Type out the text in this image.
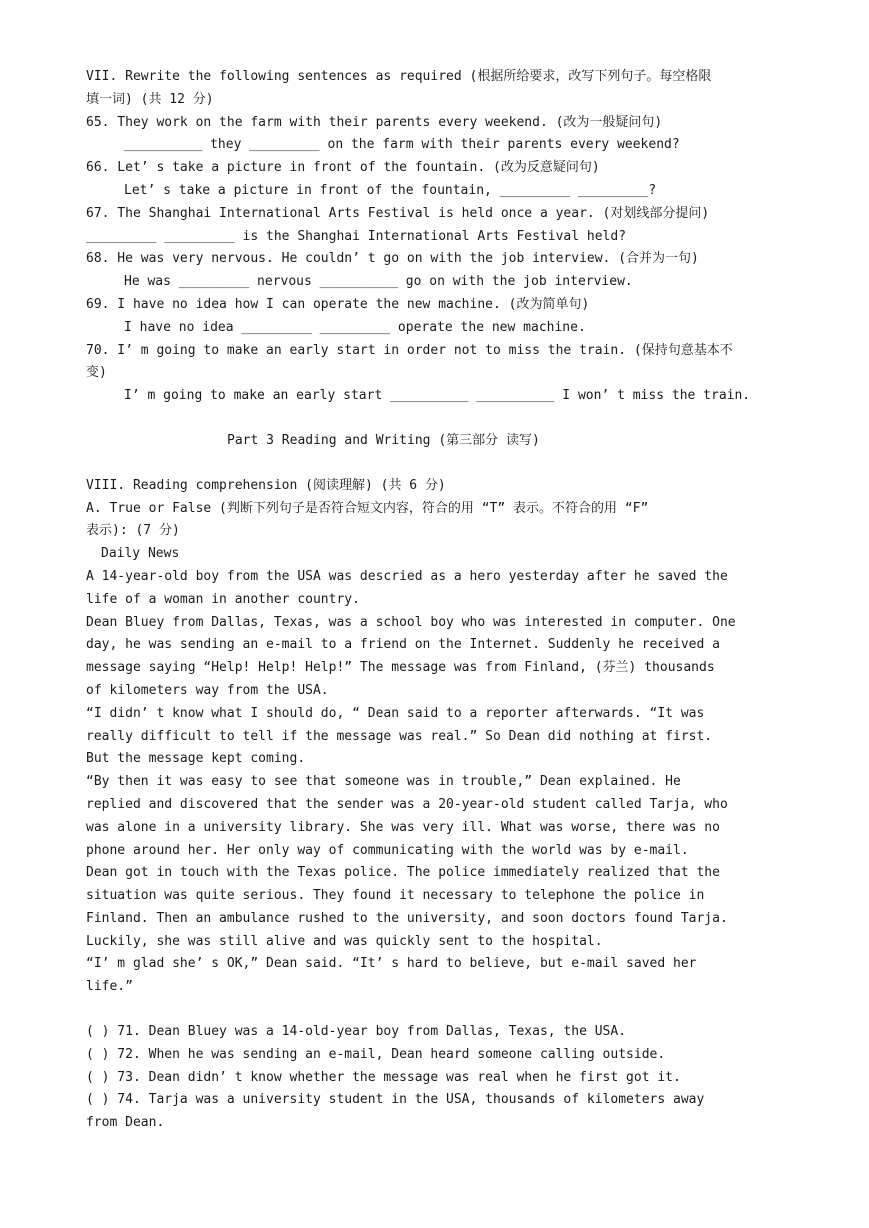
VII. Rewrite the following sentences as required (根据所给要求，改写下列句子。每空格限

填一词) (共 12 分)

65. They work on the farm with their parents every weekend. (改为一般疑问句)

__________ they _________ on the farm with their parents every weekend?

66. Let’ s take a picture in front of the fountain. (改为反意疑问句)

Let’ s take a picture in front of the fountain, _________ _________?

67. The Shanghai International Arts Festival is held once a year. (对划线部分提问)

_________ _________ is the Shanghai International Arts Festival held?

68. He was very nervous. He couldn’ t go on with the job interview. (合并为一句)

He was _________ nervous __________ go on with the job interview.

69. I have no idea how I can operate the new machine. (改为简单句)

I have no idea _________ _________ operate the new machine.

70. I’ m going to make an early start in order not to miss the train. (保持句意基本不

变)

I’ m going to make an early start __________ __________ I won’ t miss the train.

Part 3 Reading and Writing (第三部分 读写)

VIII. Reading comprehension (阅读理解) (共 6 分)

A. True or False (判断下列句子是否符合短文内容，符合的用 “T” 表示。不符合的用 “F”

表示): (7 分)

Daily News

A 14-year-old boy from the USA was descried as a hero yesterday after he saved the life of a woman in another country.

Dean Bluey from Dallas, Texas, was a school boy who was interested in computer. One day, he was sending an e-mail to a friend on the Internet. Suddenly he received a message saying “Help! Help! Help!” The message was from Finland, (芬兰) thousands of kilometers way from the USA.

“I didn’ t know what I should do, “ Dean said to a reporter afterwards. “It was really difficult to tell if the message was real.” So Dean did nothing at first. But the message kept coming.

“By then it was easy to see that someone was in trouble,” Dean explained. He replied and discovered that the sender was a 20-year-old student called Tarja, who was alone in a university library. She was very ill. What was worse, there was no phone around her. Her only way of communicating with the world was by e-mail.

Dean got in touch with the Texas police. The police immediately realized that the situation was quite serious. They found it necessary to telephone the police in Finland. Then an ambulance rushed to the university, and soon doctors found Tarja. Luckily, she was still alive and was quickly sent to the hospital.

“I’ m glad she’ s OK,” Dean said. “It’ s hard to believe, but e-mail saved her life.”

( ) 71. Dean Bluey was a 14-old-year boy from Dallas, Texas, the USA.

( ) 72. When he was sending an e-mail, Dean heard someone calling outside.

( ) 73. Dean didn’ t know whether the message was real when he first got it.

( ) 74. Tarja was a university student in the USA, thousands of kilometers away from Dean.
